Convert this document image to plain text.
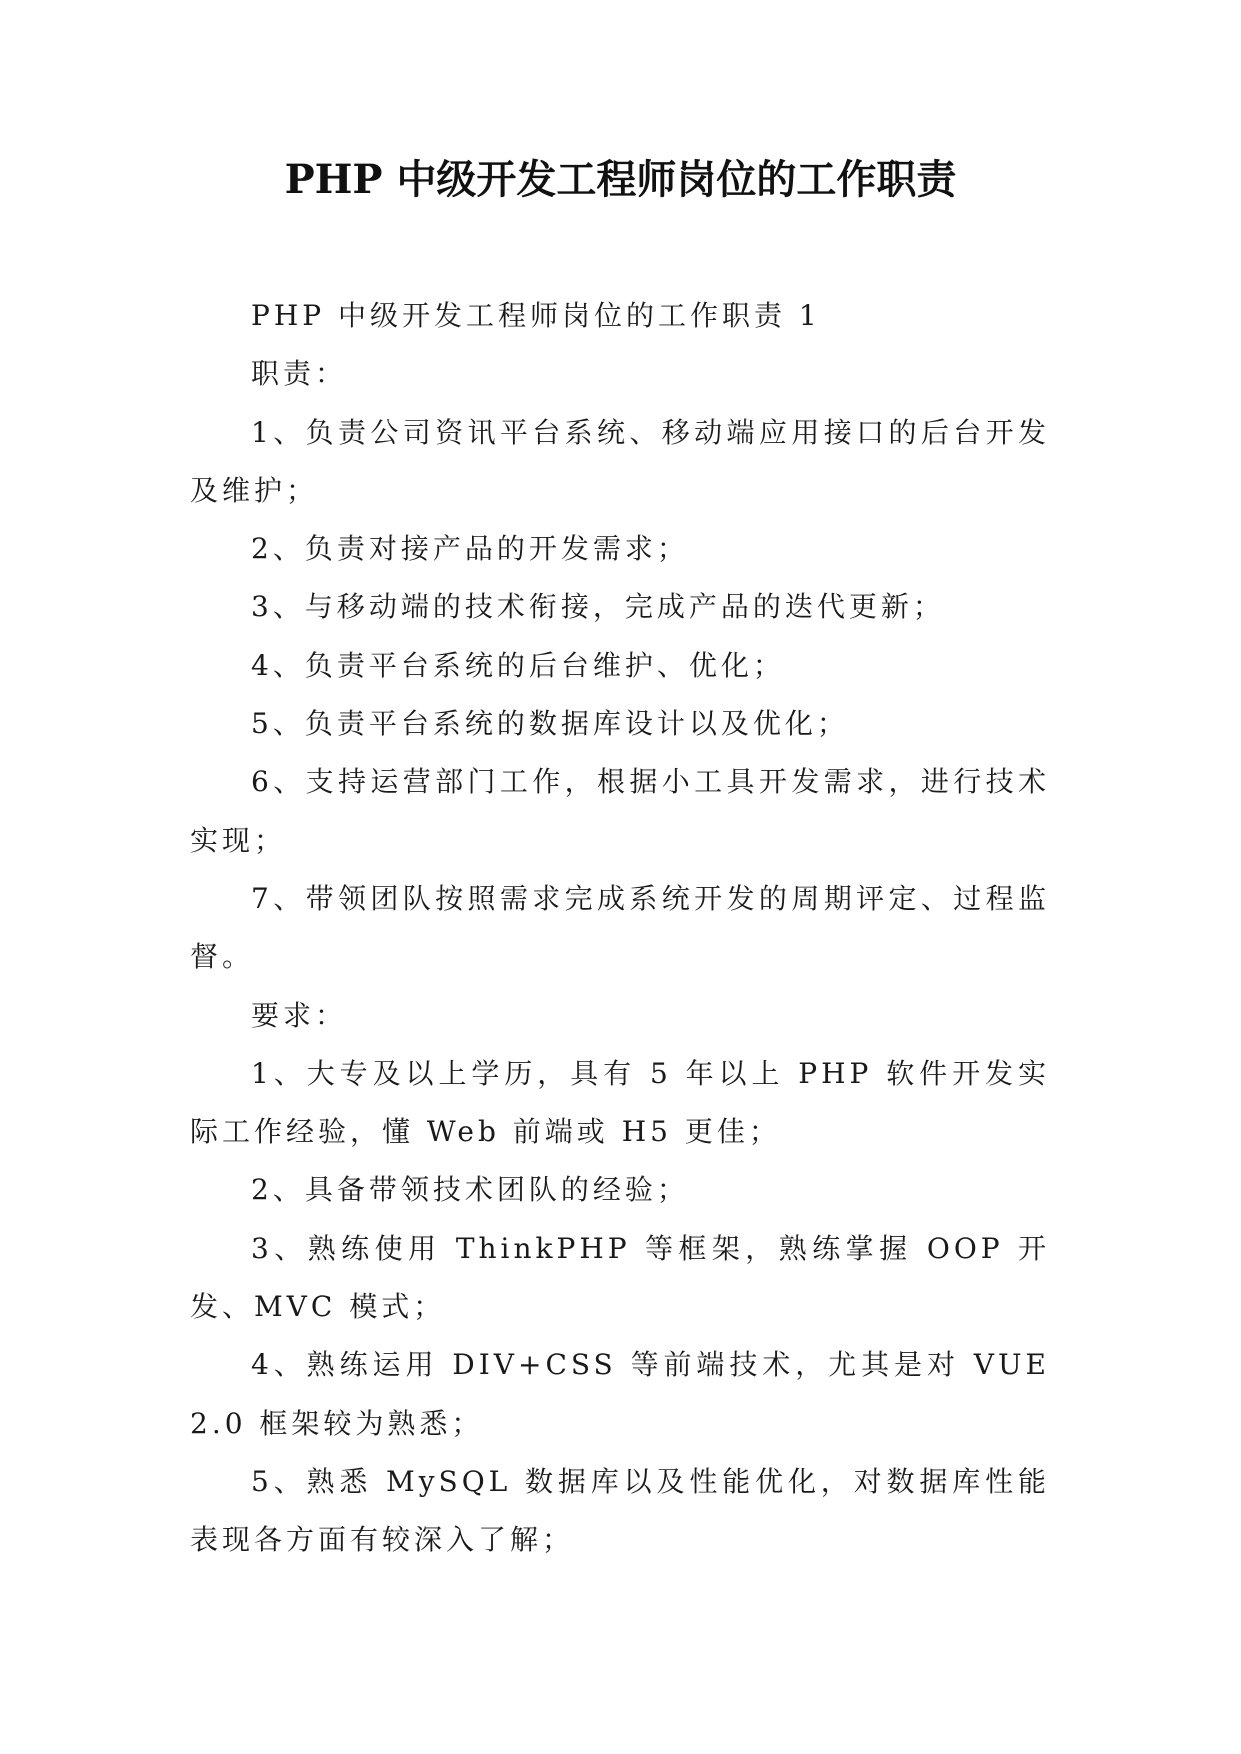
PHP 中级开发工程师岗位的工作职责

PHP 中级开发工程师岗位的工作职责 1

职责：

1、负责公司资讯平台系统、移动端应用接口的后台开发及维护；

2、负责对接产品的开发需求；

3、与移动端的技术衔接，完成产品的迭代更新；

4、负责平台系统的后台维护、优化；

5、负责平台系统的数据库设计以及优化；

6、支持运营部门工作，根据小工具开发需求，进行技术实现；

7、带领团队按照需求完成系统开发的周期评定、过程监督。

要求：

1、大专及以上学历，具有 5 年以上 PHP 软件开发实际工作经验，懂 Web 前端或 H5 更佳；

2、具备带领技术团队的经验；

3、熟练使用 ThinkPHP 等框架，熟练掌握 OOP 开发、MVC 模式；

4、熟练运用 DIV+CSS 等前端技术，尤其是对 VUE2.0 框架较为熟悉；

5、熟悉 MySQL 数据库以及性能优化，对数据库性能表现各方面有较深入了解；
